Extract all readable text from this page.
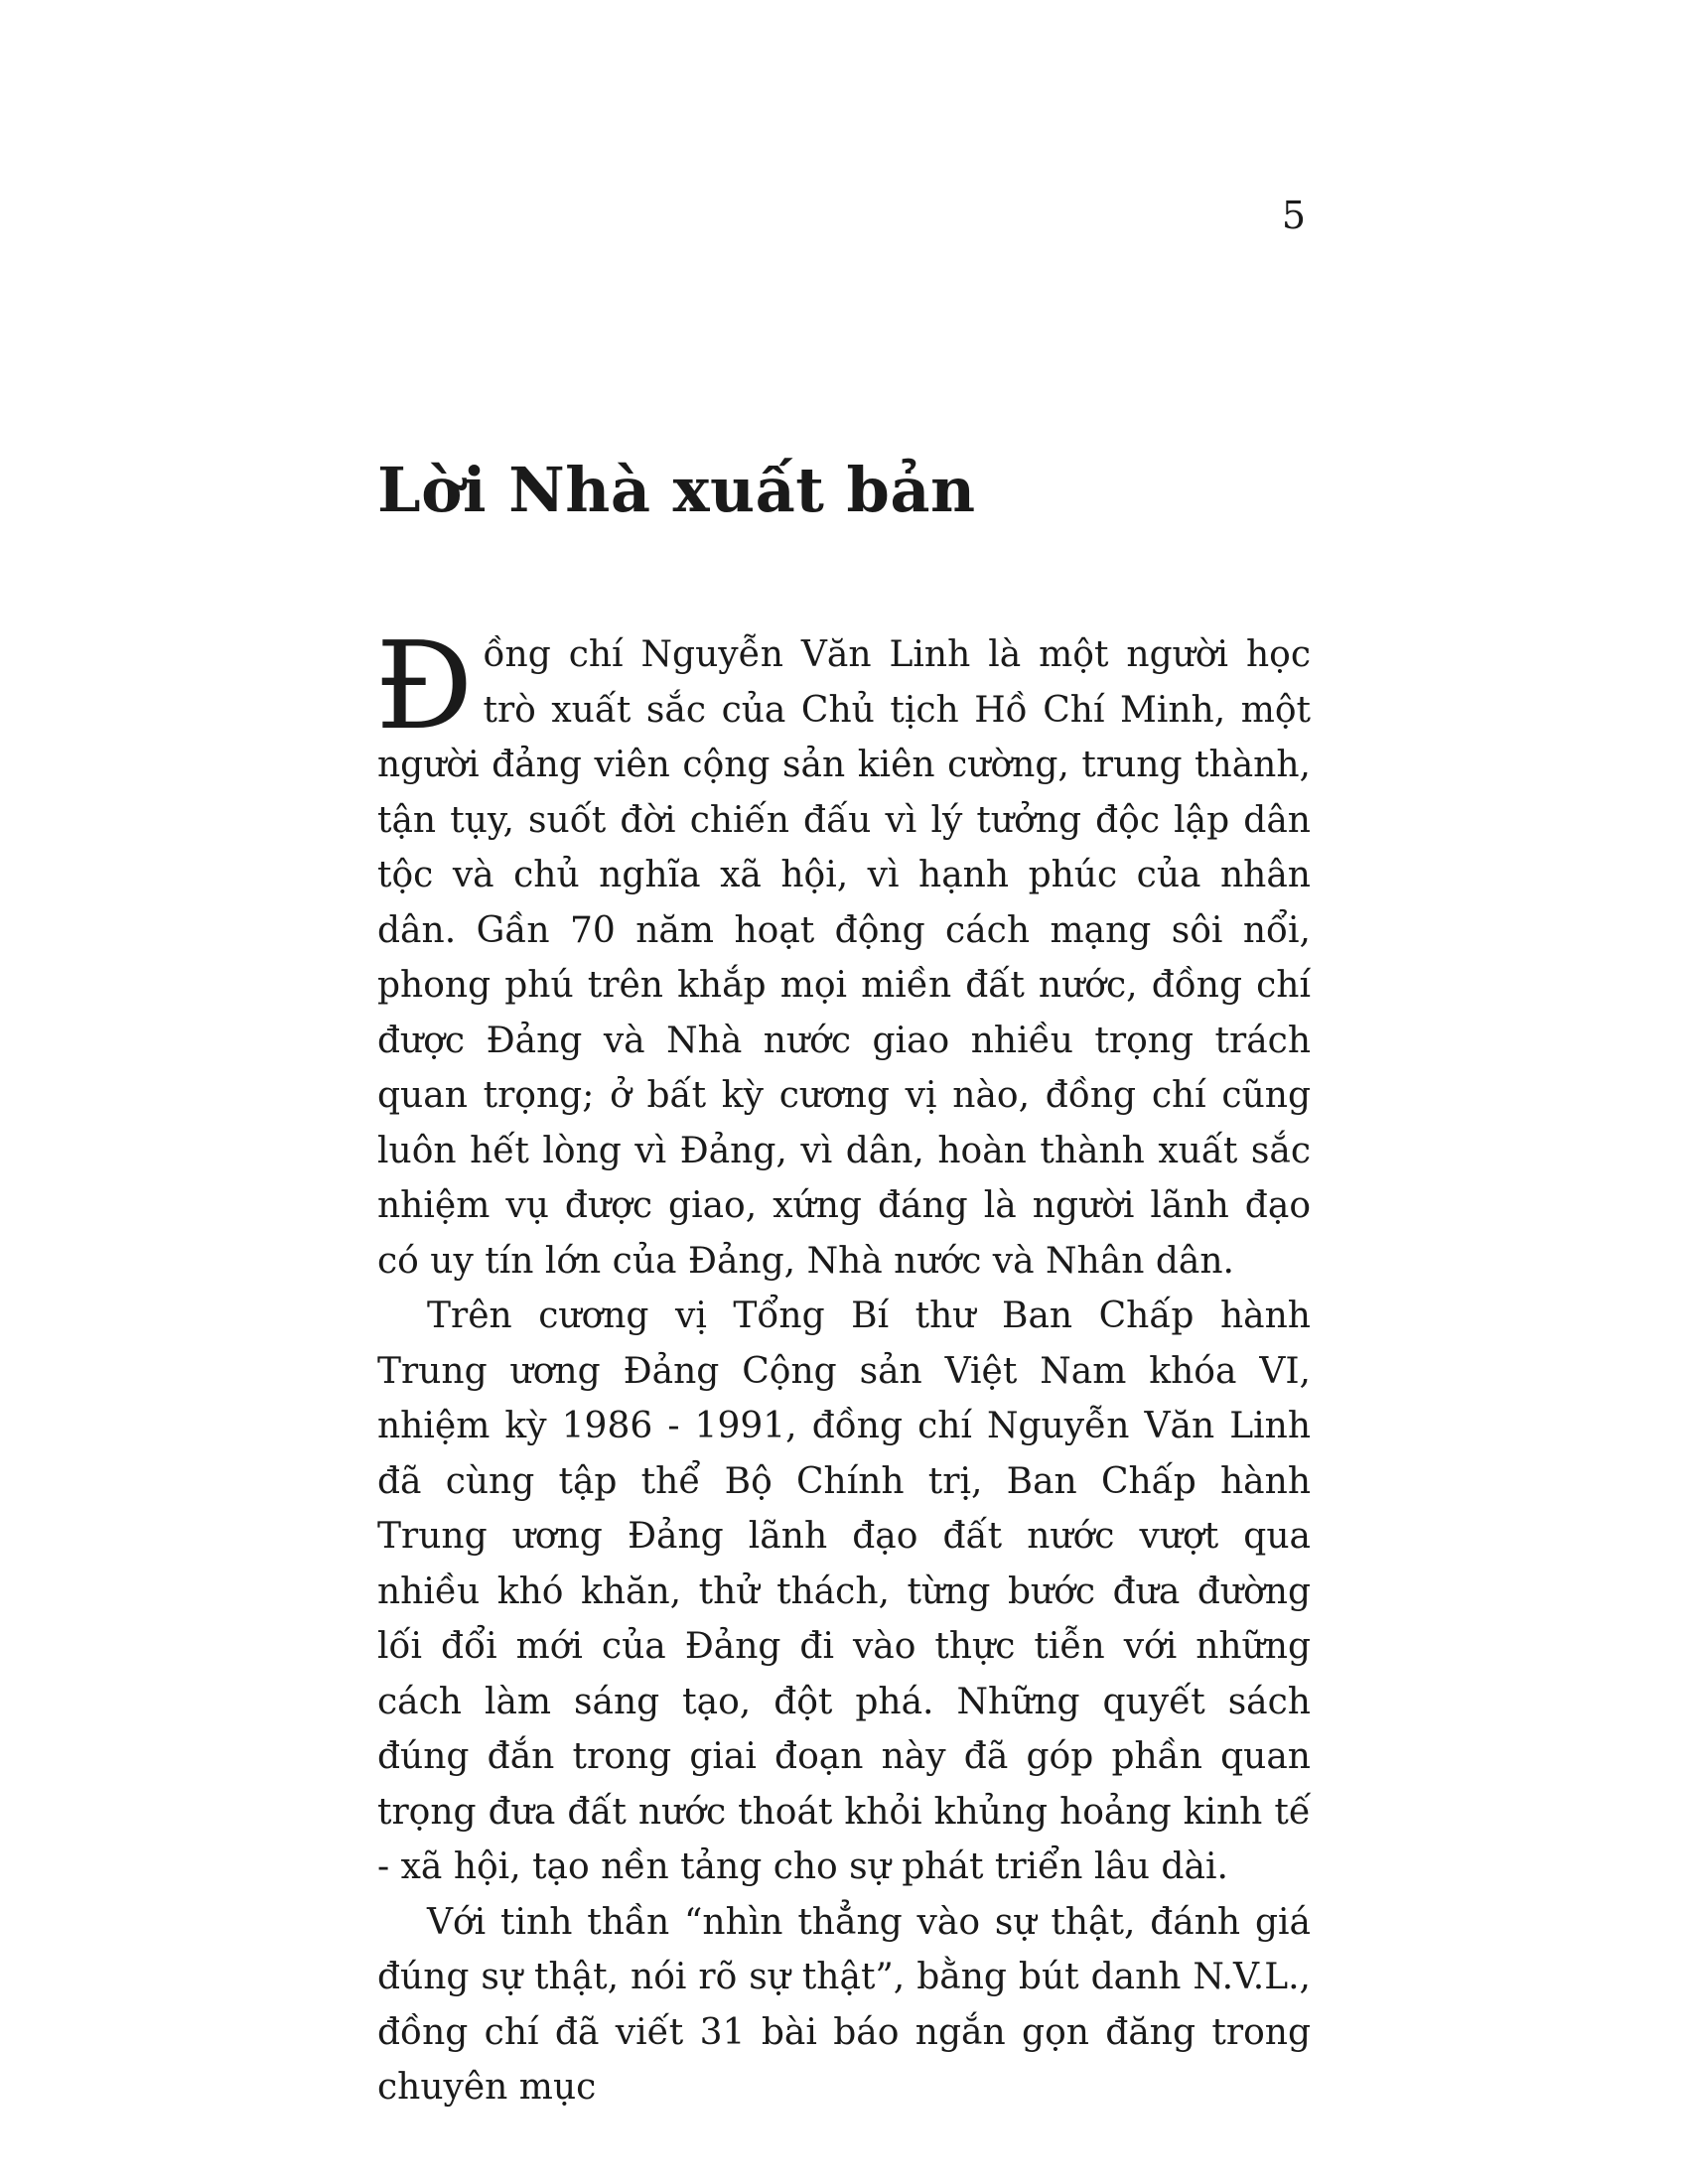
5
Lời Nhà xuất bản

Đồng chí Nguyễn Văn Linh là một người học trò xuất sắc của Chủ tịch Hồ Chí Minh, một người đảng viên cộng sản kiên cường, trung thành, tận tụy, suốt đời chiến đấu vì lý tưởng độc lập dân tộc và chủ nghĩa xã hội, vì hạnh phúc của nhân dân. Gần 70 năm hoạt động cách mạng sôi nổi, phong phú trên khắp mọi miền đất nước, đồng chí được Đảng và Nhà nước giao nhiều trọng trách quan trọng; ở bất kỳ cương vị nào, đồng chí cũng luôn hết lòng vì Đảng, vì dân, hoàn thành xuất sắc nhiệm vụ được giao, xứng đáng là người lãnh đạo có uy tín lớn của Đảng, Nhà nước và Nhân dân.

Trên cương vị Tổng Bí thư Ban Chấp hành Trung ương Đảng Cộng sản Việt Nam khóa VI, nhiệm kỳ 1986 - 1991, đồng chí Nguyễn Văn Linh đã cùng tập thể Bộ Chính trị, Ban Chấp hành Trung ương Đảng lãnh đạo đất nước vượt qua nhiều khó khăn, thử thách, từng bước đưa đường lối đổi mới của Đảng đi vào thực tiễn với những cách làm sáng tạo, đột phá. Những quyết sách đúng đắn trong giai đoạn này đã góp phần quan trọng đưa đất nước thoát khỏi khủng hoảng kinh tế - xã hội, tạo nền tảng cho sự phát triển lâu dài.

Với tinh thần “nhìn thẳng vào sự thật, đánh giá đúng sự thật, nói rõ sự thật”, bằng bút danh N.V.L., đồng chí đã viết 31 bài báo ngắn gọn đăng trong chuyên mục
